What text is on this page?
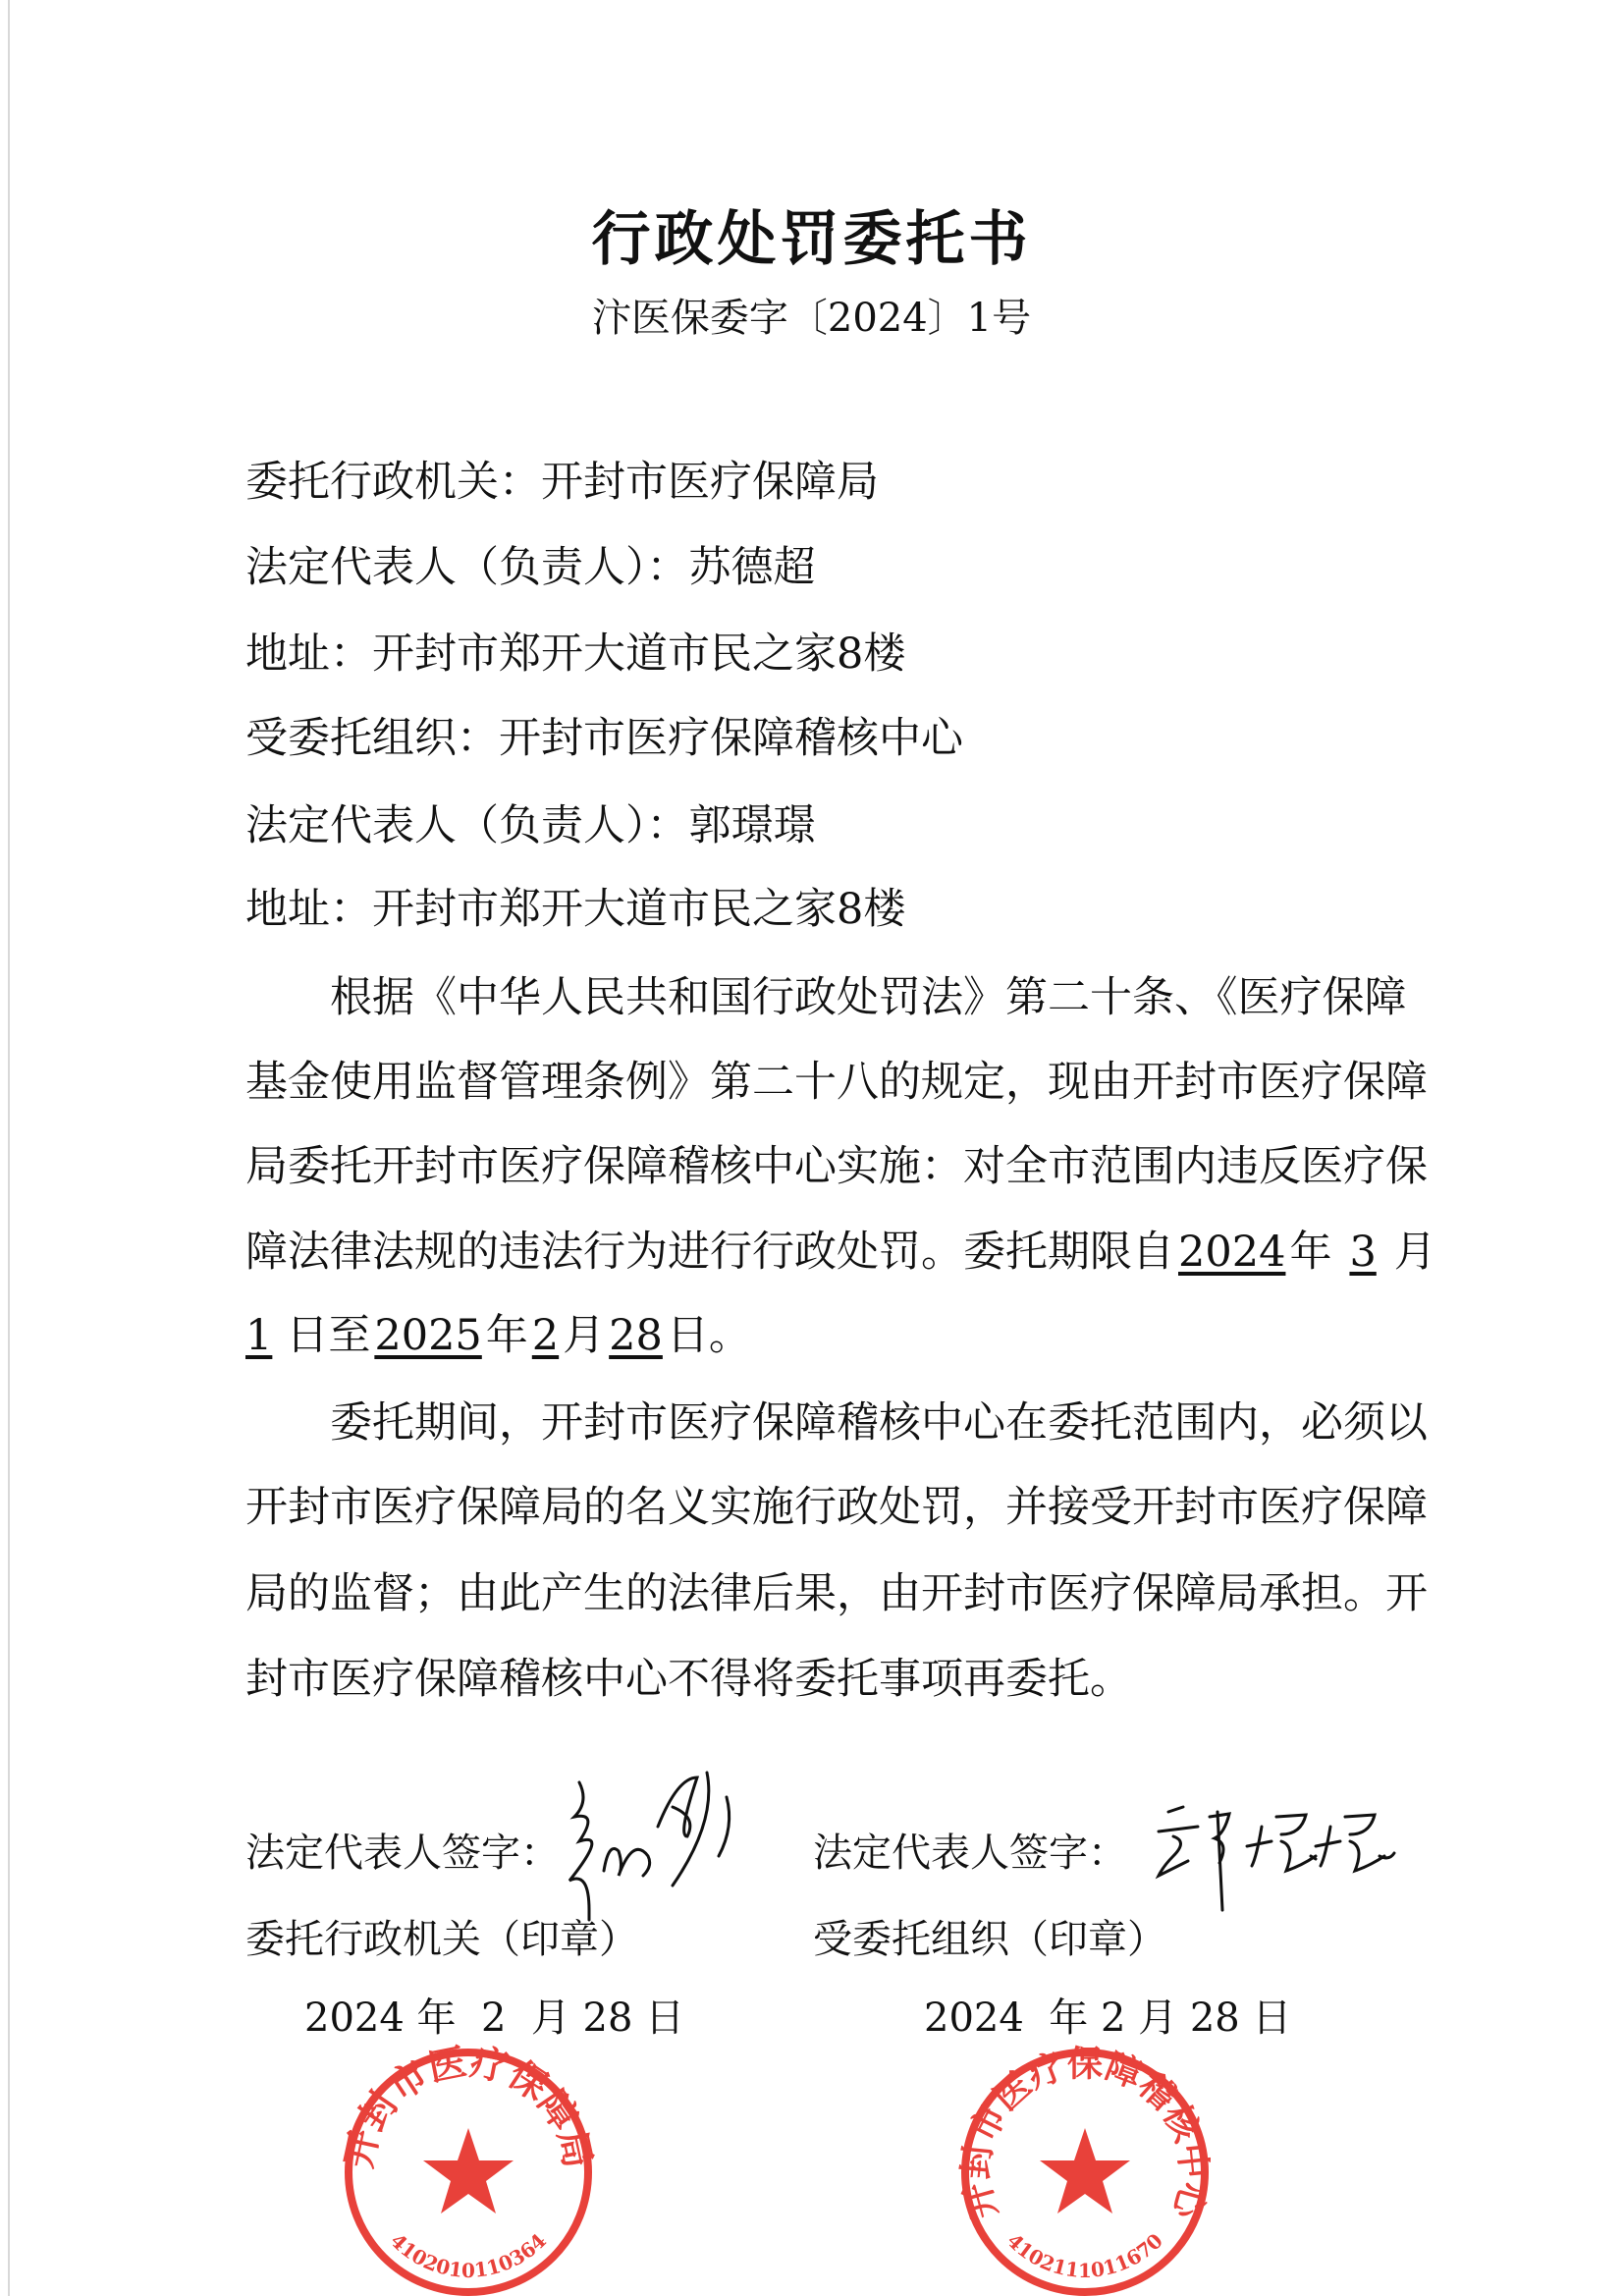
行政处罚委托书
汴医保委字〔2024〕1号
委托行政机关：开封市医疗保障局
法定代表人（负责人）：苏德超
地址：开封市郑开大道市民之家8楼
受委托组织：开封市医疗保障稽核中心
法定代表人（负责人）：郭璟璟
地址：开封市郑开大道市民之家8楼
根据《中华人民共和国行政处罚法》第二十条、《医疗保障
基金使用监督管理条例》第二十八的规定，现由开封市医疗保障
局委托开封市医疗保障稽核中心实施：对全市范围内违反医疗保
障法律法规的违法行为进行行政处罚。委托期限自2024年 3 月
1 日至2025年2月28日。
委托期间，开封市医疗保障稽核中心在委托范围内，必须以
开封市医疗保障局的名义实施行政处罚，并接受开封市医疗保障
局的监督；由此产生的法律后果，由开封市医疗保障局承担。开
封市医疗保障稽核中心不得将委托事项再委托。
法定代表人签字：
委托行政机关（印章）
2024 年  2  月 28 日
法定代表人签字：
受委托组织（印章）
2024  年 2 月 28 日
开封市医疗保障局
4102010110364
开封市医疗保障稽核中心
4102111011670
